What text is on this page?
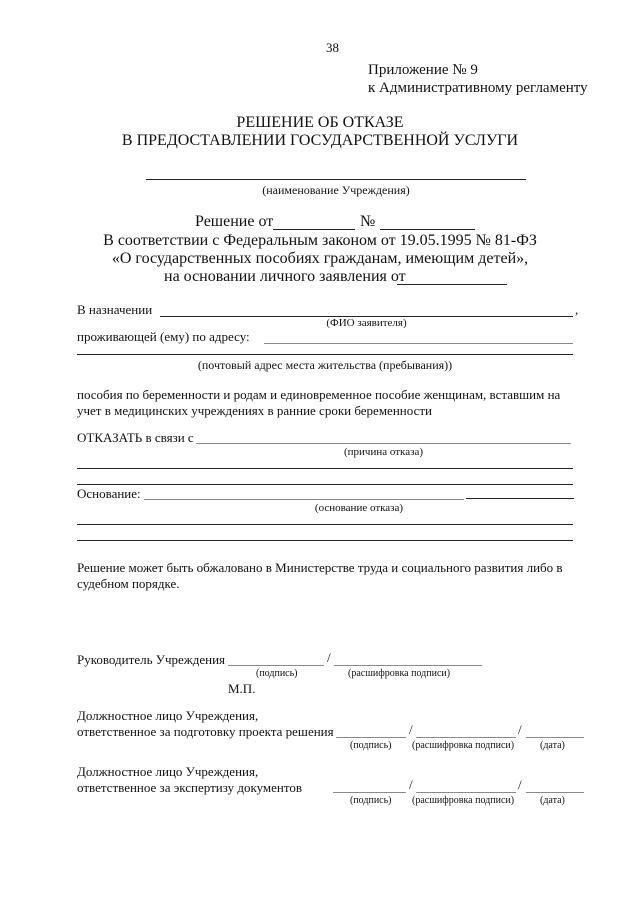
38
Приложение № 9
к Административному регламенту
РЕШЕНИЕ ОБ ОТКАЗЕ
В ПРЕДОСТАВЛЕНИИ ГОСУДАРСТВЕННОЙ УСЛУГИ
(наименование Учреждения)
Решение от	№
В соответствии с Федеральным законом от 19.05.1995 № 81-ФЗ
«О государственных пособиях гражданам, имеющим детей»,
на основании личного заявления от
В назначении	,
(ФИО заявителя)
проживающей (ему) по адресу:
(почтовый адрес места жительства (пребывания))
пособия по беременности и родам и единовременное пособие женщинам, вставшим на
учет в медицинских учреждениях в ранние сроки беременности
ОТКАЗАТЬ в связи с
(причина отказа)
Основание:
(основание отказа)
Решение может быть обжаловано в Министерстве труда и социального развития либо в
судебном порядке.
Руководитель Учреждения	/
(подпись)	(расшифровка подписи)
М.П.
Должностное лицо Учреждения,
ответственное за подготовку проекта решения	/	/
(подпись) (расшифровка подписи)	(дата)
Должностное лицо Учреждения,
ответственное за экспертизу документов	/	/
(подпись) (расшифровка подписи)	(дата)
